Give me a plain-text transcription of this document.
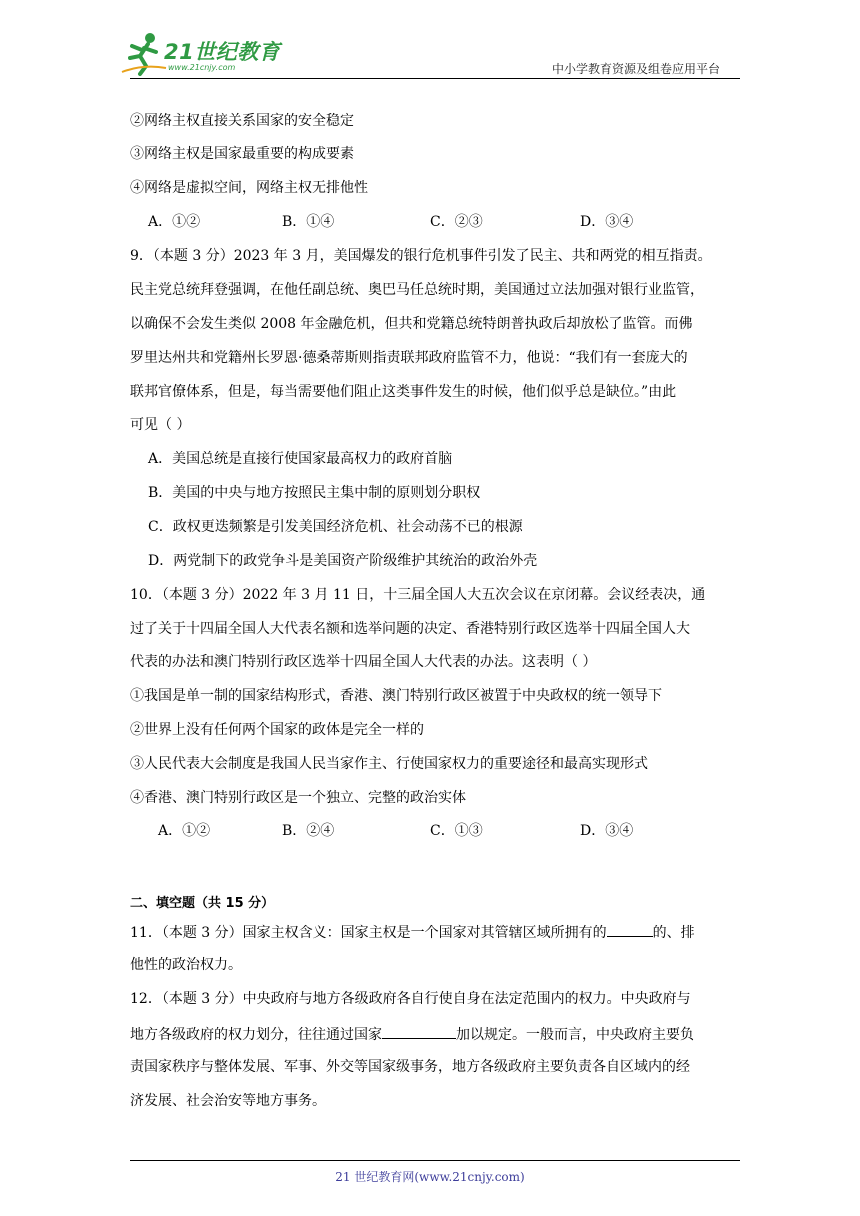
21世纪教育
www.21cnjy.com	中小学教育资源及组卷应用平台
②网络主权直接关系国家的安全稳定
③网络主权是国家最重要的构成要素
④网络是虚拟空间，网络主权无排他性
A．①②	B．①④	C．②③	D．③④
9．（本题 3 分）2023 年 3 月，美国爆发的银行危机事件引发了民主、共和两党的相互指责。
民主党总统拜登强调，在他任副总统、奥巴马任总统时期，美国通过立法加强对银行业监管，
以确保不会发生类似 2008 年金融危机，但共和党籍总统特朗普执政后却放松了监管。而佛
罗里达州共和党籍州长罗恩·德桑蒂斯则指责联邦政府监管不力，他说：“我们有一套庞大的
联邦官僚体系，但是，每当需要他们阻止这类事件发生的时候，他们似乎总是缺位。”由此
可见（ ）
A．美国总统是直接行使国家最高权力的政府首脑
B．美国的中央与地方按照民主集中制的原则划分职权
C．政权更迭频繁是引发美国经济危机、社会动荡不已的根源
D．两党制下的政党争斗是美国资产阶级维护其统治的政治外壳
10．（本题 3 分）2022 年 3 月 11 日，十三届全国人大五次会议在京闭幕。会议经表决，通
过了关于十四届全国人大代表名额和选举问题的决定、香港特别行政区选举十四届全国人大
代表的办法和澳门特别行政区选举十四届全国人大代表的办法。这表明（ ）
①我国是单一制的国家结构形式，香港、澳门特别行政区被置于中央政权的统一领导下
②世界上没有任何两个国家的政体是完全一样的
③人民代表大会制度是我国人民当家作主、行使国家权力的重要途径和最高实现形式
④香港、澳门特别行政区是一个独立、完整的政治实体
A．①②	B．②④	C．①③	D．③④
二、填空题（共 15 分）
11．（本题 3 分）国家主权含义：国家主权是一个国家对其管辖区域所拥有的	的、排
他性的政治权力。
12．（本题 3 分）中央政府与地方各级政府各自行使自身在法定范围内的权力。中央政府与
地方各级政府的权力划分，往往通过国家	加以规定。一般而言，中央政府主要负
责国家秩序与整体发展、军事、外交等国家级事务，地方各级政府主要负责各自区域内的经
济发展、社会治安等地方事务。
21 世纪教育网(www.21cnjy.com)
